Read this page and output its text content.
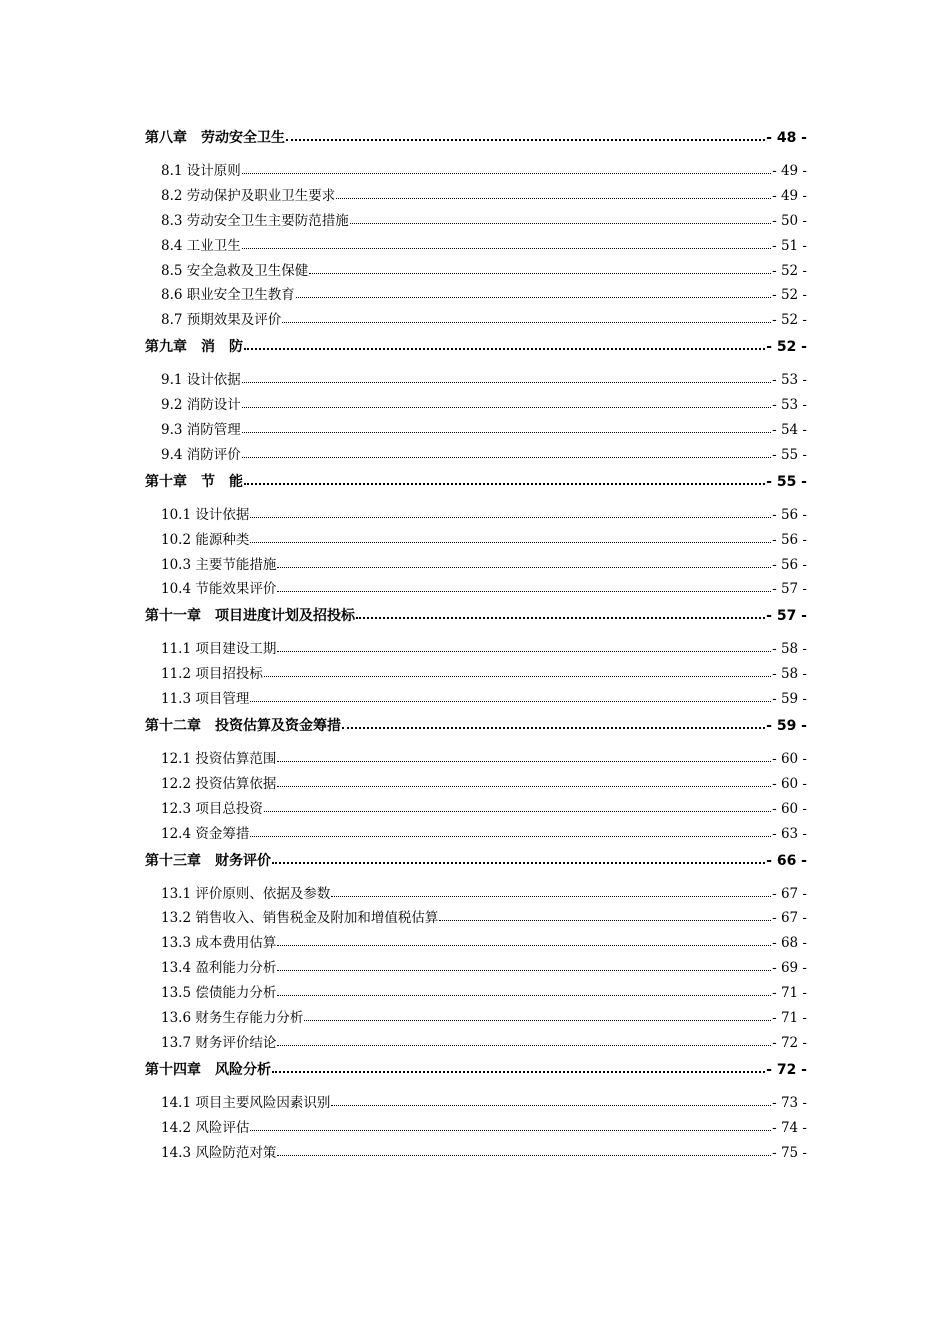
第八章　劳动安全卫生	- 48 -
8.1 设计原则	- 49 -
8.2 劳动保护及职业卫生要求	- 49 -
8.3 劳动安全卫生主要防范措施	- 50 -
8.4 工业卫生	- 51 -
8.5 安全急救及卫生保健	- 52 -
8.6 职业安全卫生教育	- 52 -
8.7 预期效果及评价	- 52 -
第九章　消　防	- 52 -
9.1 设计依据	- 53 -
9.2 消防设计	- 53 -
9.3 消防管理	- 54 -
9.4 消防评价	- 55 -
第十章　节　能	- 55 -
10.1 设计依据	- 56 -
10.2 能源种类	- 56 -
10.3 主要节能措施	- 56 -
10.4 节能效果评价	- 57 -
第十一章　项目进度计划及招投标	- 57 -
11.1 项目建设工期	- 58 -
11.2 项目招投标	- 58 -
11.3 项目管理	- 59 -
第十二章　投资估算及资金筹措	- 59 -
12.1 投资估算范围	- 60 -
12.2 投资估算依据	- 60 -
12.3 项目总投资	- 60 -
12.4 资金筹措	- 63 -
第十三章　财务评价	- 66 -
13.1 评价原则、依据及参数	- 67 -
13.2 销售收入、销售税金及附加和增值税估算	- 67 -
13.3 成本费用估算	- 68 -
13.4 盈利能力分析	- 69 -
13.5 偿债能力分析	- 71 -
13.6 财务生存能力分析	- 71 -
13.7 财务评价结论	- 72 -
第十四章　风险分析	- 72 -
14.1 项目主要风险因素识别	- 73 -
14.2 风险评估	- 74 -
14.3 风险防范对策	- 75 -
